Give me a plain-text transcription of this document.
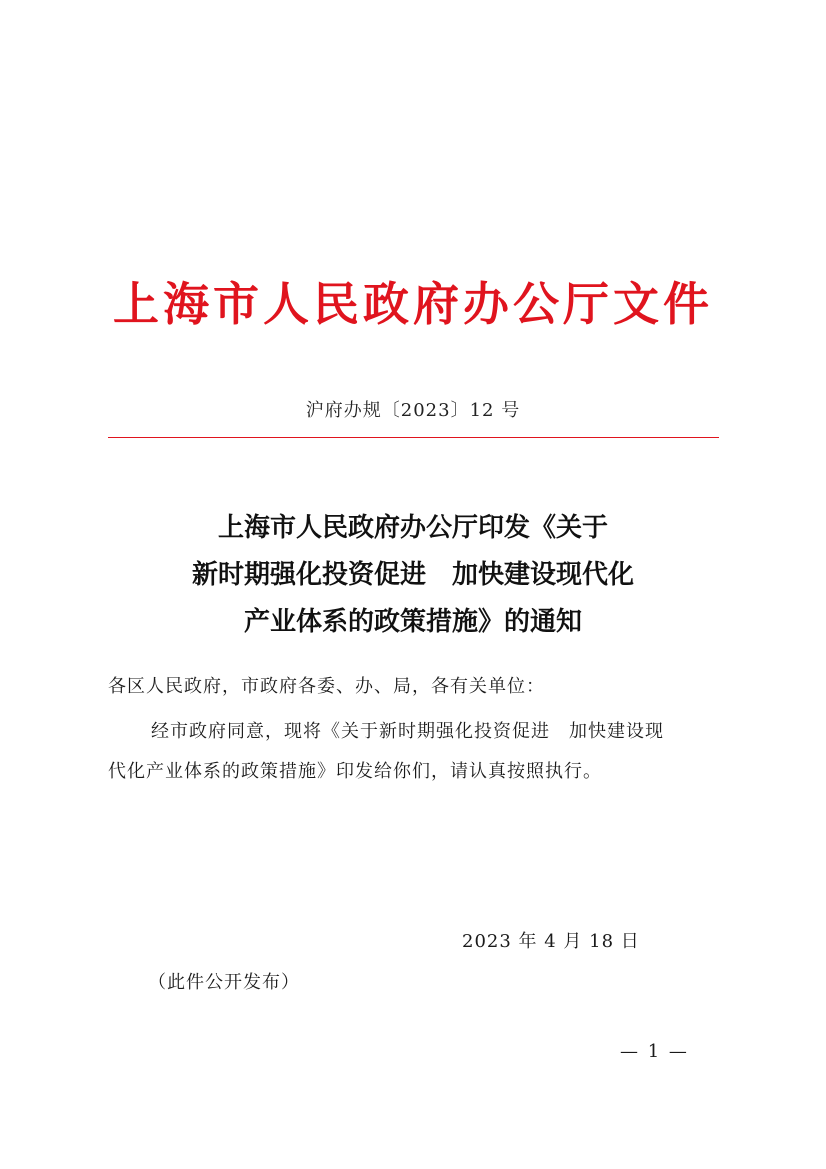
上海市人民政府办公厅文件
沪府办规〔2023〕12 号
上海市人民政府办公厅印发《关于
新时期强化投资促进　加快建设现代化
产业体系的政策措施》的通知
各区人民政府，市政府各委、办、局，各有关单位：
经市政府同意，现将《关于新时期强化投资促进　加快建设现
代化产业体系的政策措施》印发给你们，请认真按照执行。
2023 年 4 月 18 日
（此件公开发布）
— 1 —
